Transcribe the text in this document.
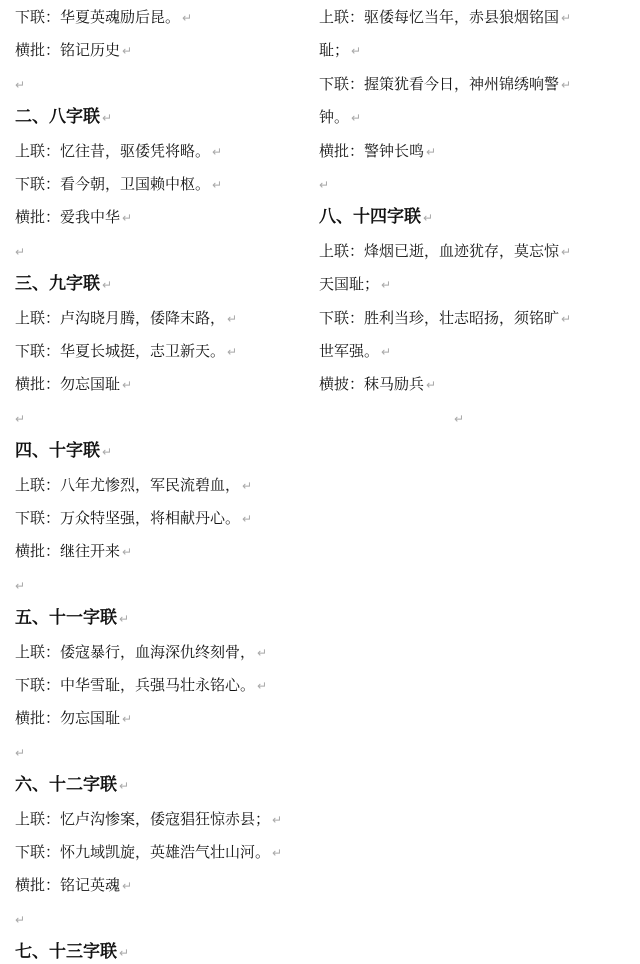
下联：华夏英魂励后昆。 ↵
横批：铭记历史 ↵
↵
二、八字联 ↵
上联：忆往昔，驱倭凭将略。 ↵
下联：看今朝，卫国赖中枢。 ↵
横批：爱我中华 ↵
↵
三、九字联 ↵
上联：卢沟晓月腾，倭降末路， ↵
下联：华夏长城挺，志卫新天。 ↵
横批：勿忘国耻 ↵
↵
四、十字联 ↵
上联：八年尤惨烈，军民流碧血， ↵
下联：万众特坚强，将相献丹心。 ↵
横批：继往开来 ↵
↵
五、十一字联 ↵
上联：倭寇暴行，血海深仇终刻骨， ↵
下联：中华雪耻，兵强马壮永铭心。 ↵
横批：勿忘国耻 ↵
↵
六、十二字联 ↵
上联：忆卢沟惨案，倭寇猖狂惊赤县； ↵
下联：怀九域凯旋，英雄浩气壮山河。 ↵
横批：铭记英魂 ↵
↵
七、十三字联 ↵
上联：驱倭每忆当年，赤县狼烟铭国 ↵
耻； ↵
下联：握策犹看今日，神州锦绣响警 ↵
钟。 ↵
横批：警钟长鸣 ↵
↵
八、十四字联 ↵
上联：烽烟已逝，血迹犹存，莫忘惊 ↵
天国耻； ↵
下联：胜利当珍，壮志昭扬，须铭旷 ↵
世军强。 ↵
横披：秣马励兵 ↵
↵
